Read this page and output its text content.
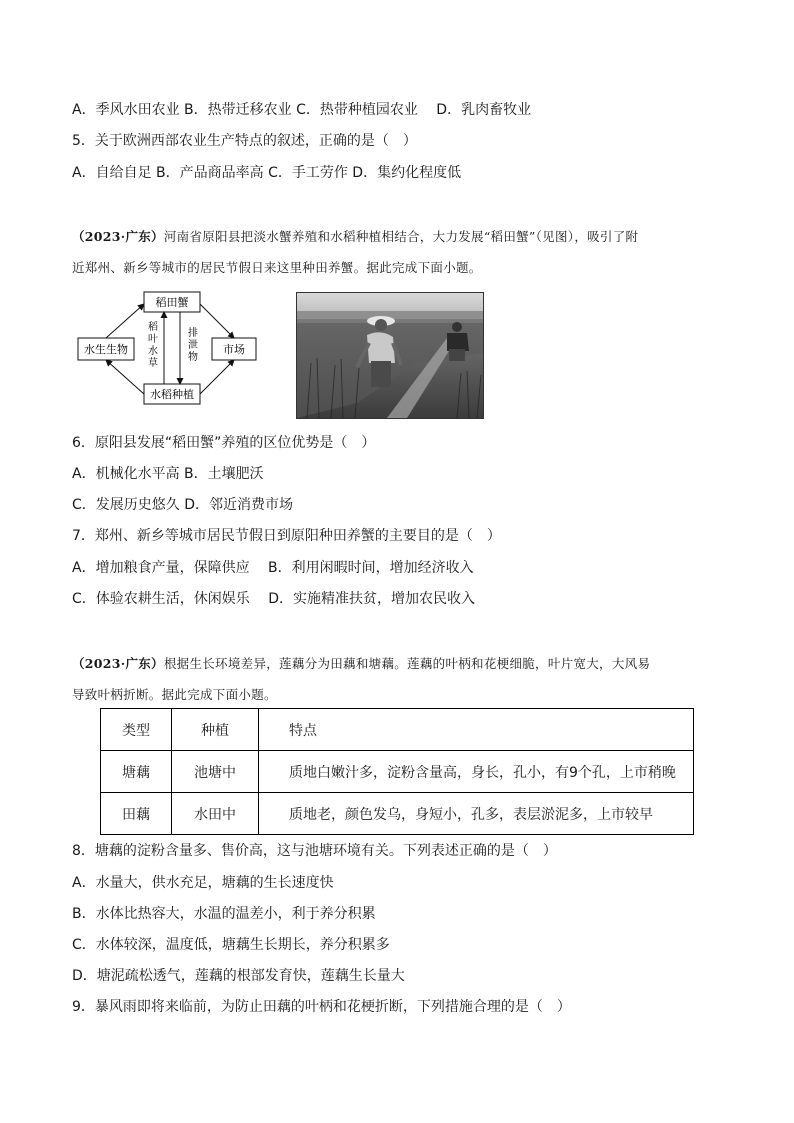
A．季风水田农业 B．热带迁移农业 C．热带种植园农业　 D．乳肉畜牧业
5．关于欧洲西部农业生产特点的叙述，正确的是（　）
A．自给自足 B．产品商品率高 C．手工劳作 D．集约化程度低
（2023·广东）河南省原阳县把淡水蟹养殖和水稻种植相结合，大力发展“稻田蟹”（见图），吸引了附
近郑州、新乡等城市的居民节假日来这里种田养蟹。据此完成下面小题。
稻田蟹
水生生物	市场
水稻种植
稻
叶
水
草
排
泄
物
6．原阳县发展“稻田蟹”养殖的区位优势是（　）
A．机械化水平高 B．土壤肥沃
C．发展历史悠久 D．邻近消费市场
7．郑州、新乡等城市居民节假日到原阳种田养蟹的主要目的是（　）
A．增加粮食产量，保障供应　 B．利用闲暇时间，增加经济收入
C．体验农耕生活，休闲娱乐　 D．实施精准扶贫，增加农民收入
（2023·广东）根据生长环境差异，莲藕分为田藕和塘藕。莲藕的叶柄和花梗细脆，叶片宽大，大风易
导致叶柄折断。据此完成下面小题。
类型	种植	特点
塘藕	池塘中	质地白嫩汁多，淀粉含量高，身长，孔小，有9个孔，上市稍晚
田藕	水田中	质地老，颜色发乌，身短小，孔多，表层淤泥多，上市较早
8．塘藕的淀粉含量多、售价高，这与池塘环境有关。下列表述正确的是（　）
A．水量大，供水充足，塘藕的生长速度快
B．水体比热容大，水温的温差小，利于养分积累
C．水体较深，温度低，塘藕生长期长，养分积累多
D．塘泥疏松透气，莲藕的根部发育快，莲藕生长量大
9．暴风雨即将来临前，为防止田藕的叶柄和花梗折断，下列措施合理的是（　）
